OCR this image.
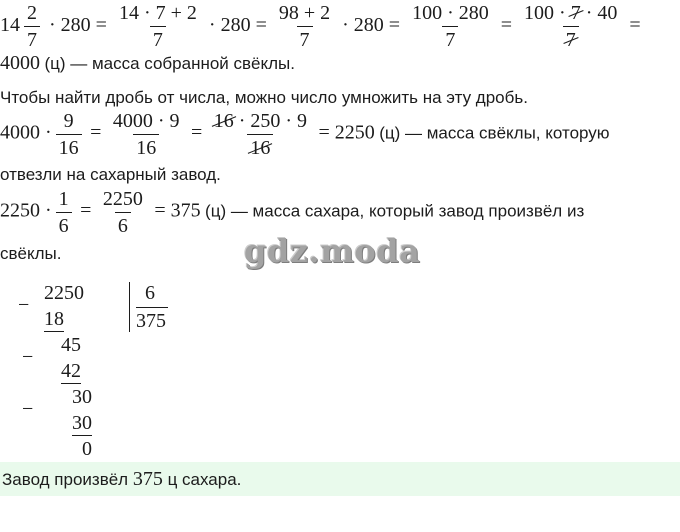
$14 \frac{2}{7} \cdot 280 = \frac{14 \cdot 7 + 2}{7} \cdot 280 = \frac{98 + 2}{7} \cdot 280 = \frac{100 \cdot 280}{7} = \frac{100 \cdot 7 \cdot 40}{7}$ =
4000 (ц) — масса собранной свёклы.
Чтобы найти дробь от числа, можно число умножить на эту дробь.
$4000 \cdot \frac{9}{16} = \frac{4000 \cdot 9}{16} = \frac{16 \cdot 250 \cdot 9}{16} = 2250$ (ц) — масса свёклы, которую
отвезли на сахарный завод.
$2250 \cdot \frac{1}{6} = \frac{2250}{6} = 375$ (ц) — масса сахара, который завод произвёл из
свёклы.	gdz.moda
−
2250
18
6
375
−
45
42
−
30
30
0
Завод произвёл 375 ц сахара.
